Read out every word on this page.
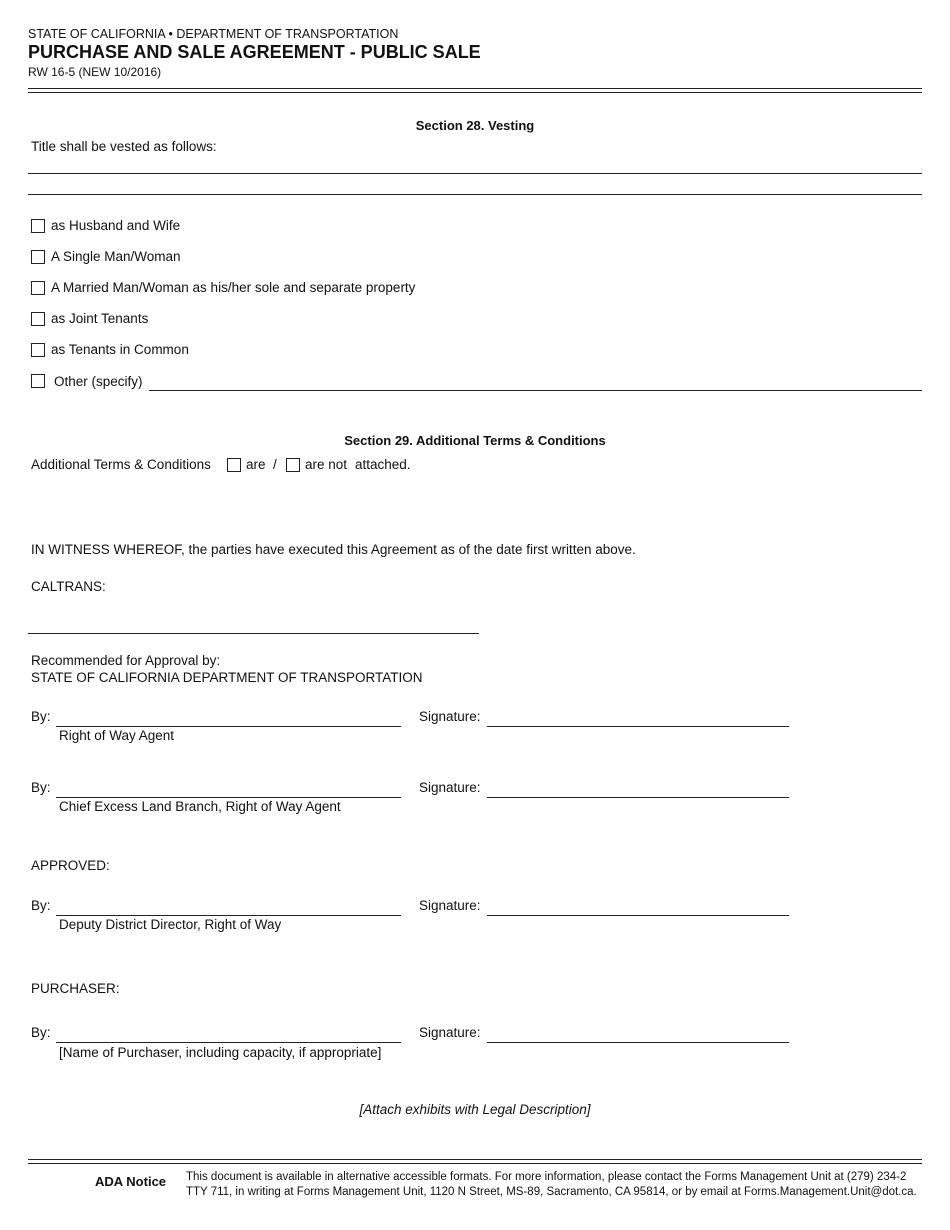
STATE OF CALIFORNIA • DEPARTMENT OF TRANSPORTATION
PURCHASE AND SALE AGREEMENT - PUBLIC SALE
RW 16-5 (NEW 10/2016)
Section 28. Vesting
Title shall be vested as follows:
as Husband and Wife
A Single Man/Woman
A Married Man/Woman as his/her sole and separate property
as Joint Tenants
as Tenants in Common
Other (specify)
Section 29. Additional Terms & Conditions
Additional Terms & Conditions	are / are not attached.
IN WITNESS WHEREOF, the parties have executed this Agreement as of the date first written above.
CALTRANS:
Recommended for Approval by:
STATE OF CALIFORNIA DEPARTMENT OF TRANSPORTATION
By:	Signature:
Right of Way Agent
By:	Signature:
Chief Excess Land Branch, Right of Way Agent
APPROVED:
By:	Signature:
Deputy District Director, Right of Way
PURCHASER:
By:	Signature:
[Name of Purchaser, including capacity, if appropriate]
[Attach exhibits with Legal Description]
ADA Notice This document is available in alternative accessible formats. For more information, please contact the Forms Management Unit at (279) 234-2
TTY 711, in writing at Forms Management Unit, 1120 N Street, MS-89, Sacramento, CA 95814, or by email at Forms.Management.Unit@dot.ca.
